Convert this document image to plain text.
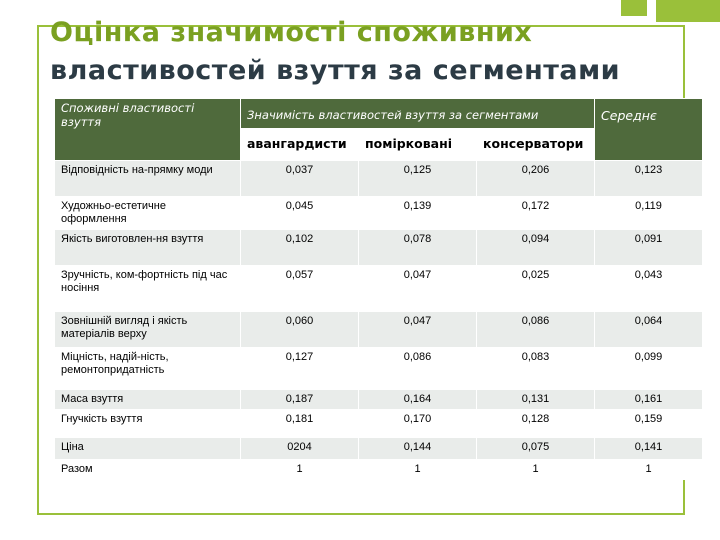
Оцінка значимості споживних
властивостей взуття за сегментами
Споживні властивості взуття	Значимість властивостей взуття за сегментами			Середнє
	авангардисти	помірковані	консерватори	
Відповідність на-прямку моди	0,037	0,125	0,206	0,123
Художньо-естетичне оформлення	0,045	0,139	0,172	0,119
Якість виготовлен-ня взуття	0,102	0,078	0,094	0,091
Зручність, ком-фортність під час носіння	0,057	0,047	0,025	0,043
Зовнішній вигляд і якість матеріалів верху	0,060	0,047	0,086	0,064
Міцність, надій-ність, ремонтопридатність	0,127	0,086	0,083	0,099
Маса взуття	0,187	0,164	0,131	0,161
Гнучкість взуття	0,181	0,170	0,128	0,159
Ціна	0204	0,144	0,075	0,141
Разом	1	1	1	1
